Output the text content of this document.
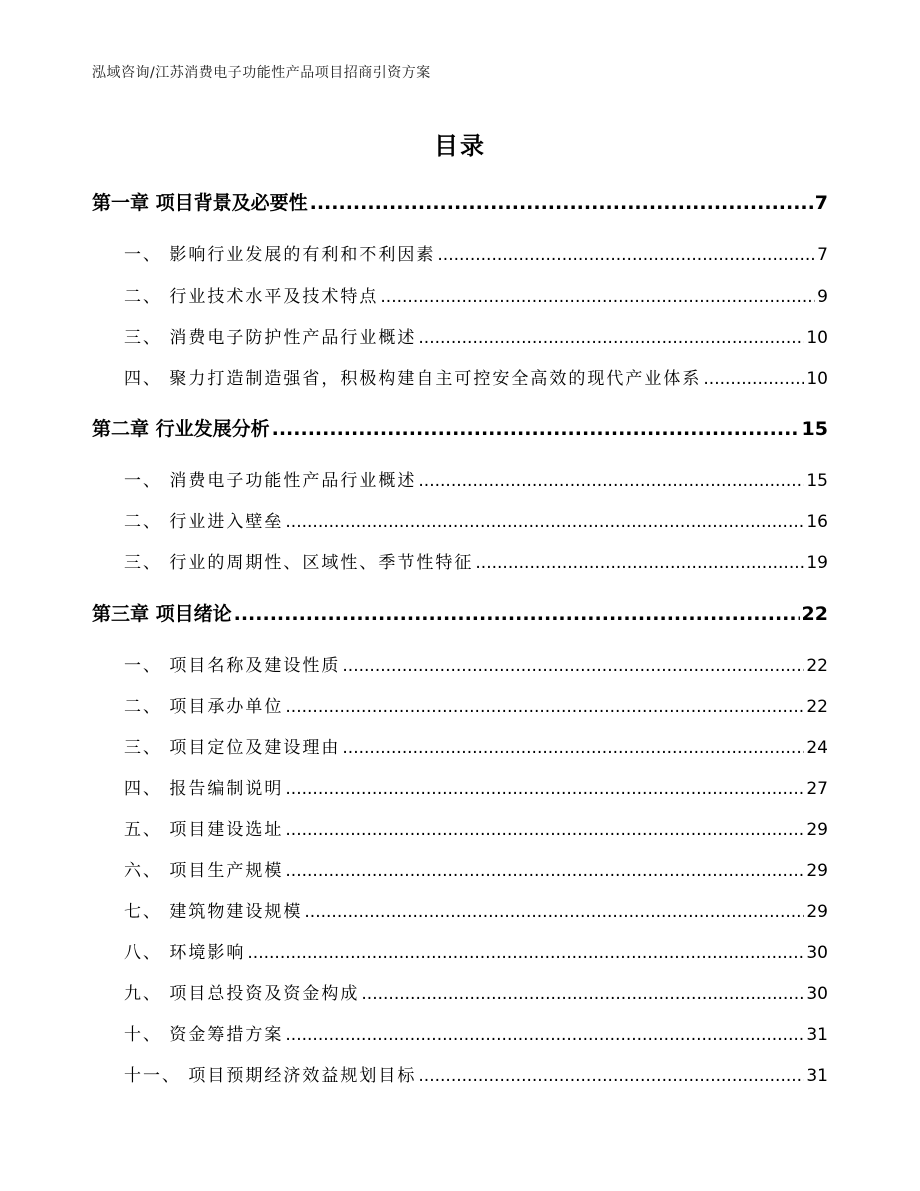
泓域咨询/江苏消费电子功能性产品项目招商引资方案
目录
第一章 项目背景及必要性 .....	7
一、 影响行业发展的有利和不利因素 .....	7
二、 行业技术水平及技术特点 .....	9
三、 消费电子防护性产品行业概述 .....	10
四、 聚力打造制造强省，积极构建自主可控安全高效的现代产业体系 .....	10
第二章 行业发展分析 .....	15
一、 消费电子功能性产品行业概述 .....	15
二、 行业进入壁垒 .....	16
三、 行业的周期性、区域性、季节性特征 .....	19
第三章 项目绪论 .....	22
一、 项目名称及建设性质 .....	22
二、 项目承办单位 .....	22
三、 项目定位及建设理由 .....	24
四、 报告编制说明 .....	27
五、 项目建设选址 .....	29
六、 项目生产规模 .....	29
七、 建筑物建设规模 .....	29
八、 环境影响 .....	30
九、 项目总投资及资金构成 .....	30
十、 资金筹措方案 .....	31
十一、 项目预期经济效益规划目标 .....	31
